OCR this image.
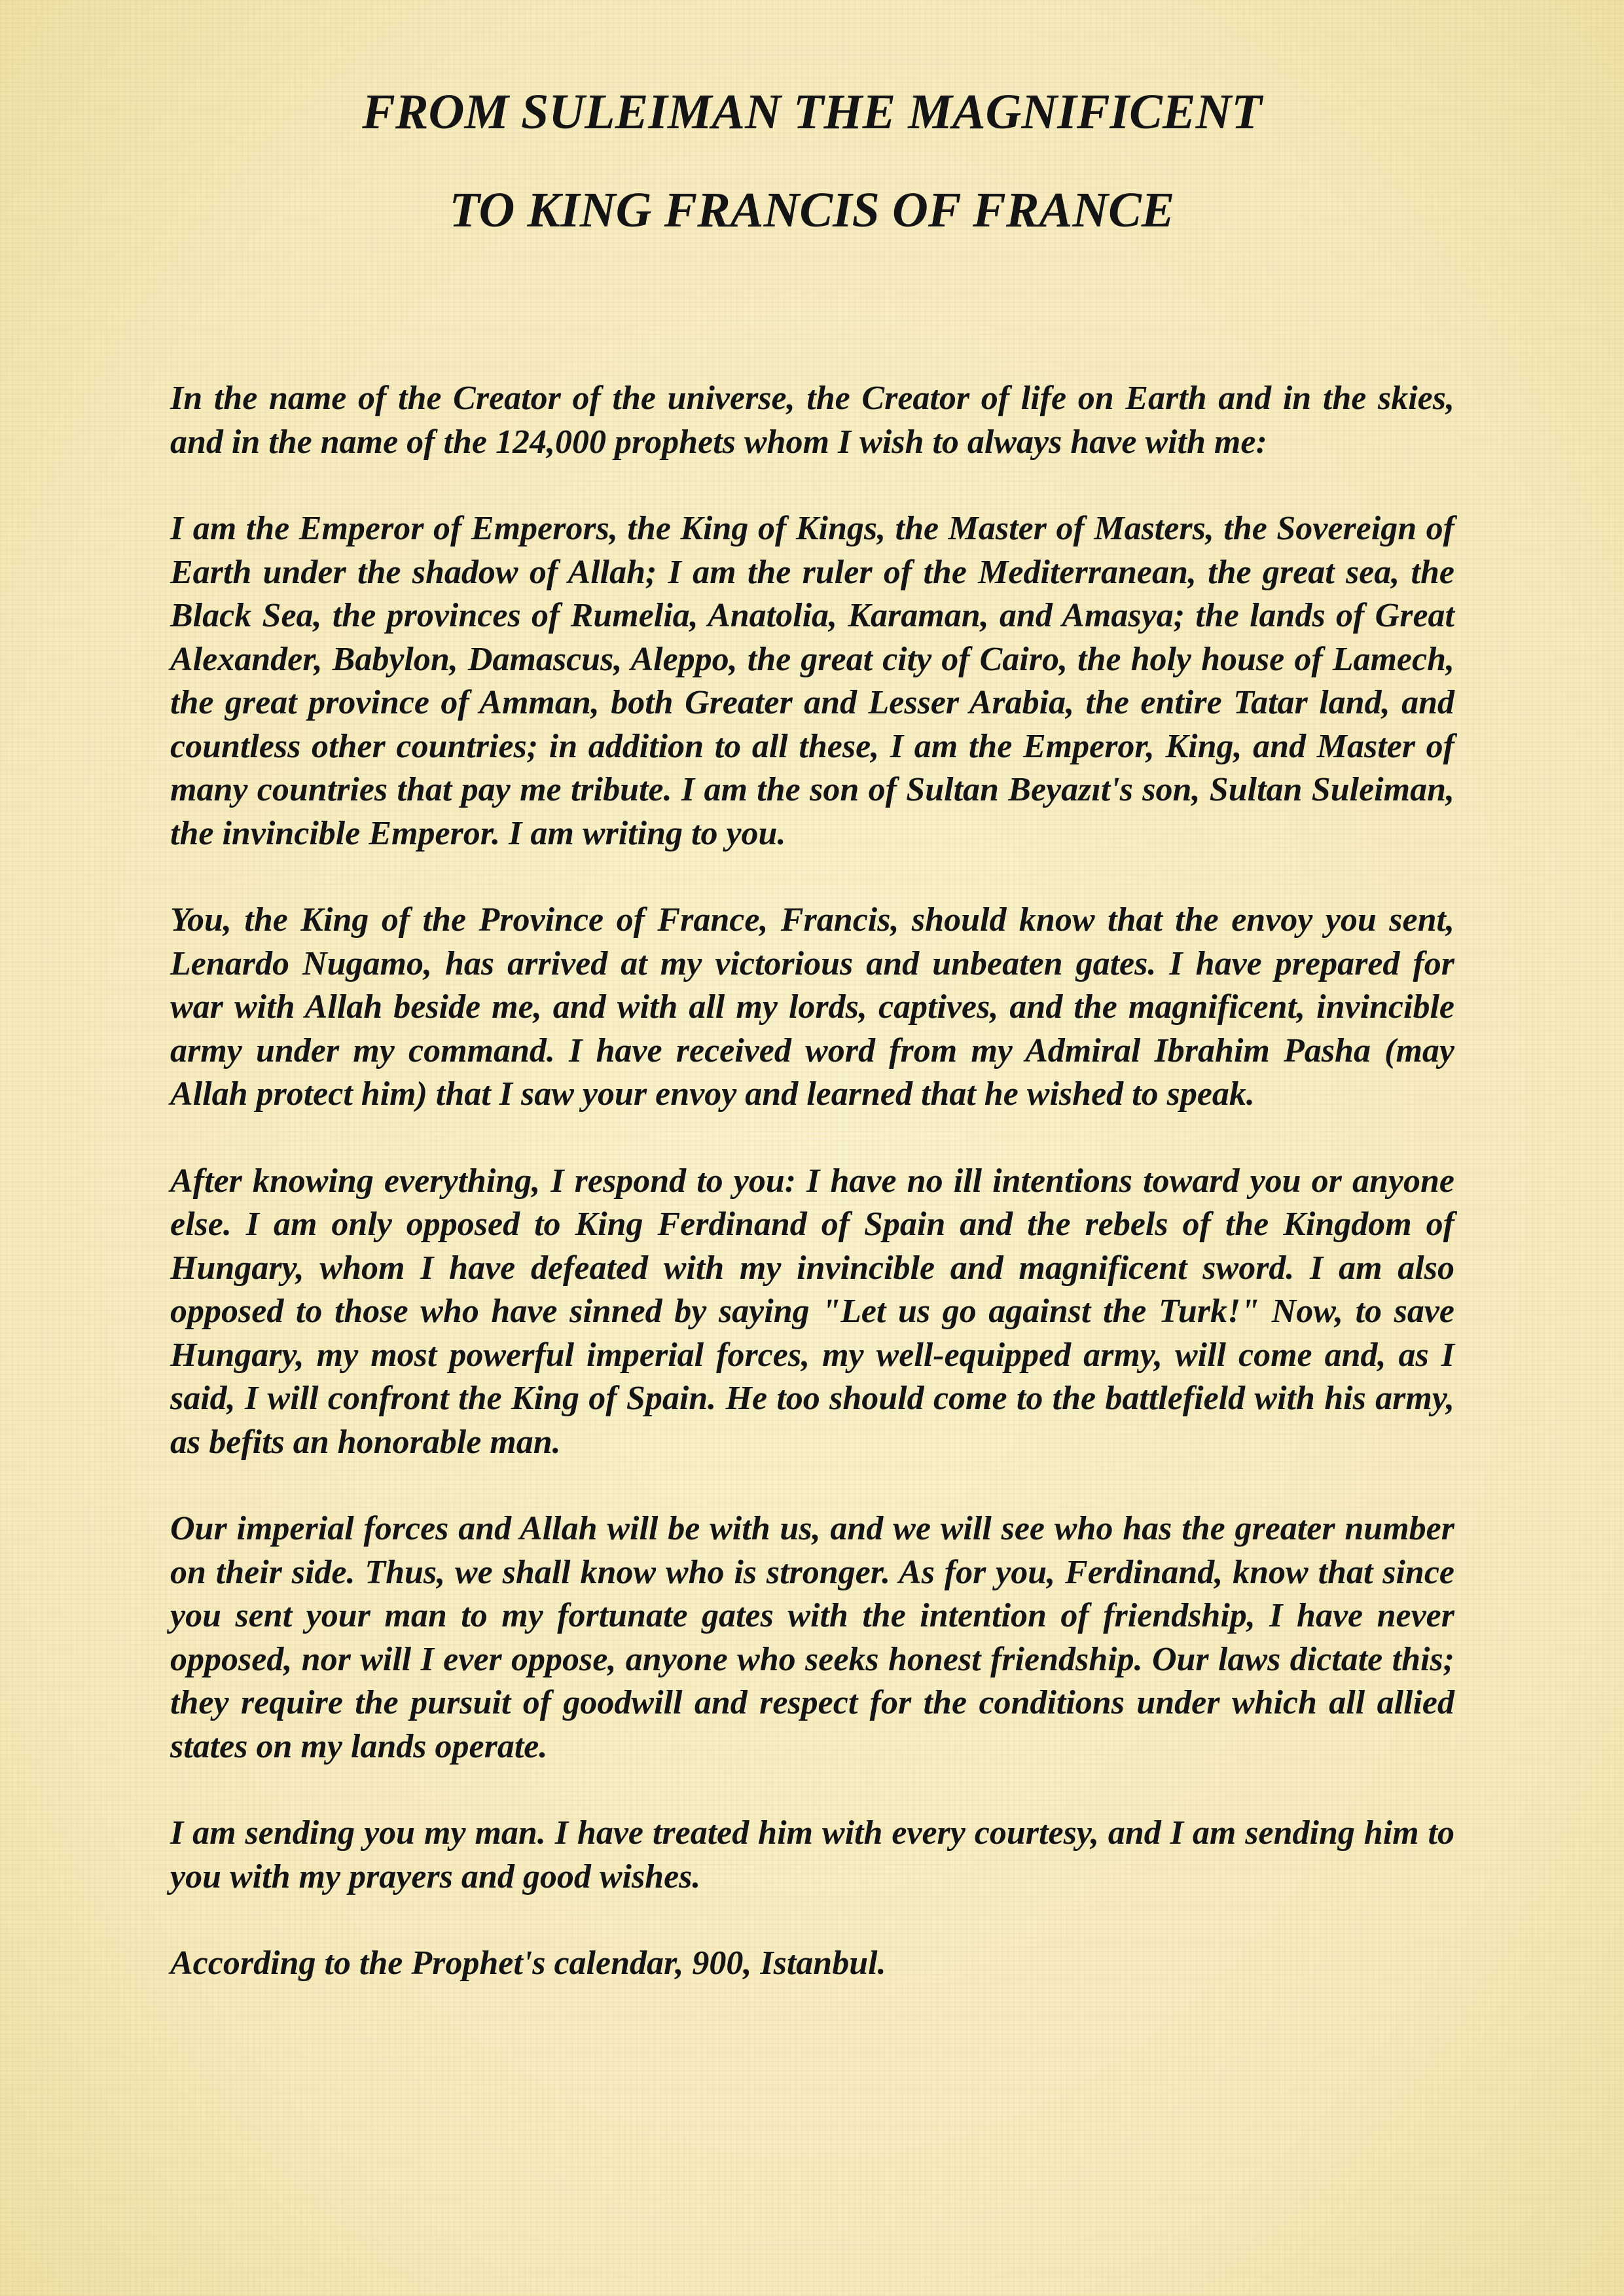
FROM SULEIMAN THE MAGNIFICENT
TO KING FRANCIS OF FRANCE

In the name of the Creator of the universe, the Creator of life on Earth and in the skies, and in the name of the 124,000 prophets whom I wish to always have with me:

I am the Emperor of Emperors, the King of Kings, the Master of Masters, the Sovereign of Earth under the shadow of Allah; I am the ruler of the Mediterranean, the great sea, the Black Sea, the provinces of Rumelia, Anatolia, Karaman, and Amasya; the lands of Great Alexander, Babylon, Damascus, Aleppo, the great city of Cairo, the holy house of Lamech, the great province of Amman, both Greater and Lesser Arabia, the entire Tatar land, and countless other countries; in addition to all these, I am the Emperor, King, and Master of many countries that pay me tribute. I am the son of Sultan Beyazıt's son, Sultan Suleiman, the invincible Emperor. I am writing to you.

You, the King of the Province of France, Francis, should know that the envoy you sent, Lenardo Nugamo, has arrived at my victorious and unbeaten gates. I have prepared for war with Allah beside me, and with all my lords, captives, and the magnificent, invincible army under my command. I have received word from my Admiral Ibrahim Pasha (may Allah protect him) that I saw your envoy and learned that he wished to speak.

After knowing everything, I respond to you: I have no ill intentions toward you or anyone else. I am only opposed to King Ferdinand of Spain and the rebels of the Kingdom of Hungary, whom I have defeated with my invincible and magnificent sword. I am also opposed to those who have sinned by saying "Let us go against the Turk!" Now, to save Hungary, my most powerful imperial forces, my well-equipped army, will come and, as I said, I will confront the King of Spain. He too should come to the battlefield with his army, as befits an honorable man.

Our imperial forces and Allah will be with us, and we will see who has the greater number on their side. Thus, we shall know who is stronger. As for you, Ferdinand, know that since you sent your man to my fortunate gates with the intention of friendship, I have never opposed, nor will I ever oppose, anyone who seeks honest friendship. Our laws dictate this; they require the pursuit of goodwill and respect for the conditions under which all allied states on my lands operate.

I am sending you my man. I have treated him with every courtesy, and I am sending him to you with my prayers and good wishes.

According to the Prophet's calendar, 900, Istanbul.
